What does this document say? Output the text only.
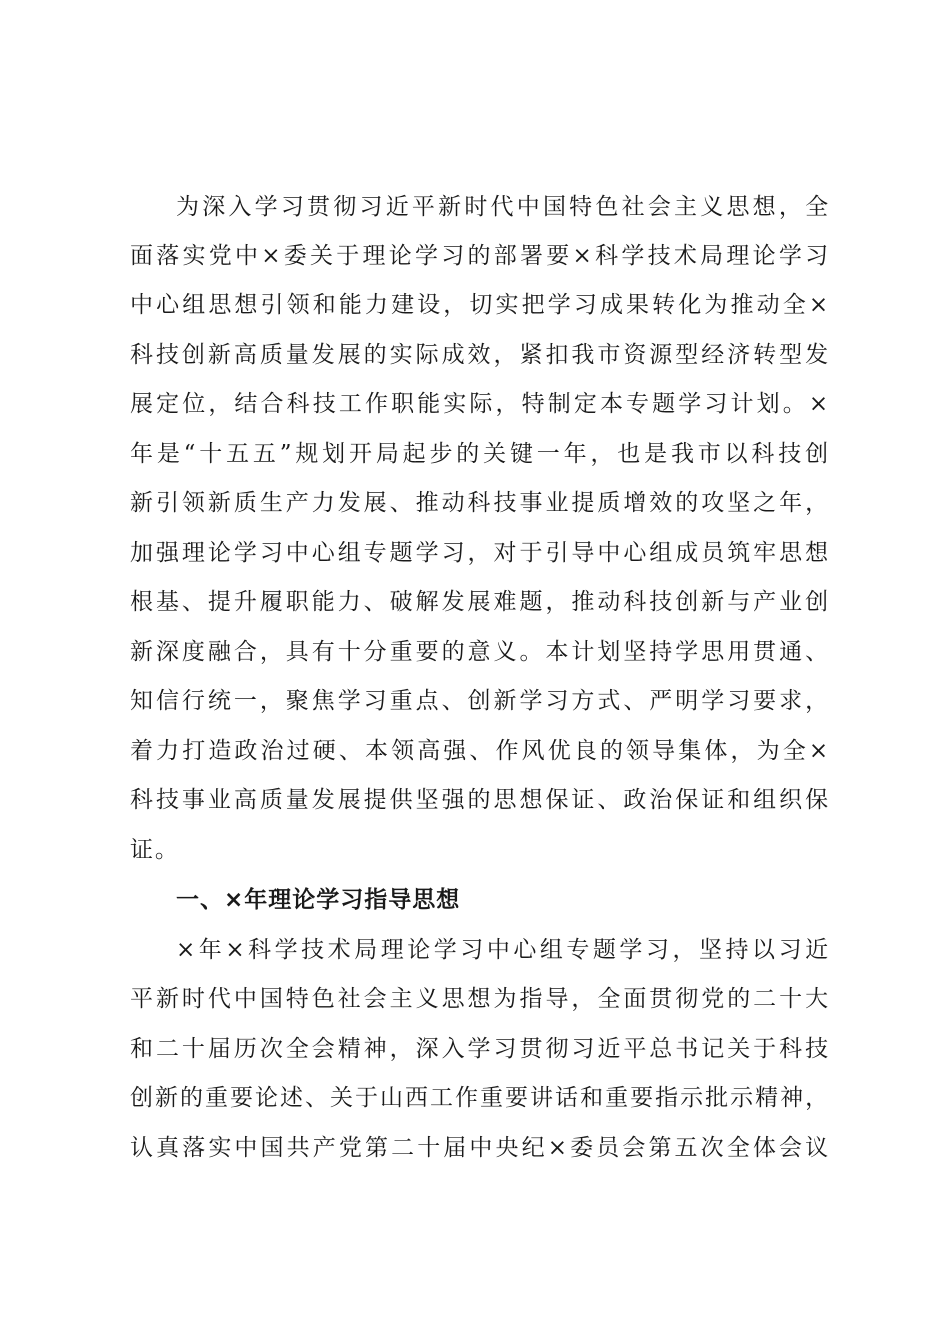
为深入学习贯彻习近平新时代中国特色社会主义思想，全
面落实党中×委关于理论学习的部署要×科学技术局理论学习
中心组思想引领和能力建设，切实把学习成果转化为推动全×
科技创新高质量发展的实际成效，紧扣我市资源型经济转型发
展定位，结合科技工作职能实际，特制定本专题学习计划。×
年是“十五五”规划开局起步的关键一年，也是我市以科技创
新引领新质生产力发展、推动科技事业提质增效的攻坚之年，
加强理论学习中心组专题学习，对于引导中心组成员筑牢思想
根基、提升履职能力、破解发展难题，推动科技创新与产业创
新深度融合，具有十分重要的意义。本计划坚持学思用贯通、
知信行统一，聚焦学习重点、创新学习方式、严明学习要求，
着力打造政治过硬、本领高强、作风优良的领导集体，为全×
科技事业高质量发展提供坚强的思想保证、政治保证和组织保
证。
一、×年理论学习指导思想
×年×科学技术局理论学习中心组专题学习，坚持以习近
平新时代中国特色社会主义思想为指导，全面贯彻党的二十大
和二十届历次全会精神，深入学习贯彻习近平总书记关于科技
创新的重要论述、关于山西工作重要讲话和重要指示批示精神，
认真落实中国共产党第二十届中央纪×委员会第五次全体会议
